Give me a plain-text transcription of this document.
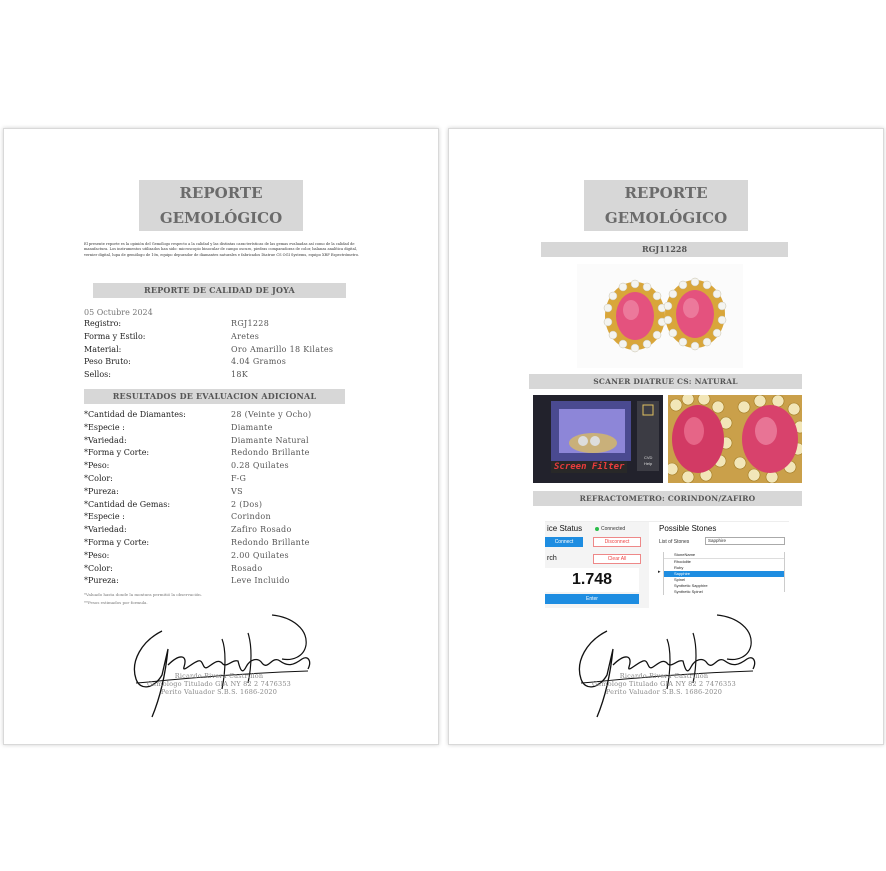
REPORTE
GEMOLÓGICO

El presente reporte es la opinión del Gemólogo respecto a la calidad y las distintas características de las gemas evaluadas así como de la calidad de manufactura. Los instrumentos utilizados han sido: microscopio binocular de campo oscuro, piedras comparadoras de color, balanza analítica digital, vernier digital, lupa de gemólogo de 10x, equipo depurador de diamantes naturales e fabricados Diatrue CS OGI Systems, equipo XRF Espectrómetro.

REPORTE DE CALIDAD DE JOYA
05 Octubre 2024
Registro:	RGJ1228
Forma y Estilo:	Aretes
Material:	Oro Amarillo 18 Kilates
Peso Bruto:	4.04 Gramos
Sellos:	18K
RESULTADOS DE EVALUACION ADICIONAL
*Cantidad de Diamantes:	28 (Veinte y Ocho)
*Especie :	Diamante
*Variedad:	Diamante Natural
*Forma y Corte:	Redondo Brillante
*Peso:	0.28 Quilates
*Color:	F-G
*Pureza:	VS
*Cantidad de Gemas:	2 (Dos)
*Especie :	Corindon
*Variedad:	Zafiro Rosado
*Forma y Corte:	Redondo Brillante
*Peso:	2.00 Quilates
*Color:	Rosado
*Pureza:	Leve Incluido
*Valuado hasta donde la montura permitió la observación.
**Pesos estimados por formula.
Ricardo Rivera Castrillon
Gemologo Titulado GIA NY 82 2 7476353
Perito Valuador S.B.S. 1686-2020
REPORTE
GEMOLÓGICO
RGJ11228
SCANER DIATRUE CS: NATURAL
Screen Filter
CVD
Help
REFRACTOMETRO: CORINDON/ZAFIRO
ice Status	Connected
Connect	Disconnect
rch	Clear All
1.748
Enter
Possible Stones
List of Stones	Sapphire
StoneName
Rhodolite
Ruby
Sapphire
Spinel
Synthetic Sapphire
Synthetic Spinel
▸
Ricardo Rivera Castrillon
Gemologo Titulado GIA NY 82 2 7476353
Perito Valuador S.B.S. 1686-2020
